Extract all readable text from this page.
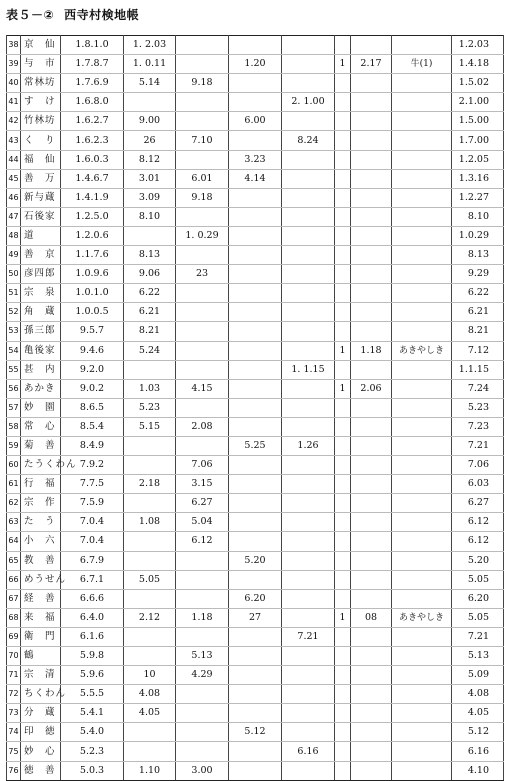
表５－② 西寺村検地帳
38	京　仙	1.8.1.0	1. 2.03							1.2.03
39	与　市	1.7.8.7	1. 0.11		1.20		1	2.17	牛(1)	1.4.18
40	常林坊	1.7.6.9	5.14	9.18						1.5.02
41	す　け	1.6.8.0				2. 1.00				2.1.00
42	竹林坊	1.6.2.7	9.00		6.00					1.5.00
43	く　り	1.6.2.3	26	7.10		8.24				1.7.00
44	福　仙	1.6.0.3	8.12		3.23					1.2.05
45	善　万	1.4.6.7	3.01	6.01	4.14					1.3.16
46	新与蔵	1.4.1.9	3.09	9.18						1.2.27
47	石後家	1.2.5.0	8.10							8.10
48	道	1.2.0.6		1. 0.29						1.0.29
49	善　京	1.1.7.6	8.13							8.13
50	彦四郎	1.0.9.6	9.06	23						9.29
51	宗　泉	1.0.1.0	6.22							6.22
52	角　蔵	1.0.0.5	6.21							6.21
53	孫三郎	9.5.7	8.21							8.21
54	亀後家	9.4.6	5.24				1	1.18	あきやしき	7.12
55	甚　内	9.2.0				1. 1.15				1.1.15
56	あかき	9.0.2	1.03	4.15			1	2.06		7.24
57	妙　園	8.6.5	5.23							5.23
58	常　心	8.5.4	5.15	2.08						7.23
59	菊　善	8.4.9			5.25	1.26				7.21
60	たうくわん	7.9.2		7.06						7.06
61	行　福	7.7.5	2.18	3.15						6.03
62	宗　作	7.5.9		6.27						6.27
63	た　う	7.0.4	1.08	5.04						6.12
64	小　六	7.0.4		6.12						6.12
65	教　善	6.7.9			5.20					5.20
66	めうせん	6.7.1	5.05							5.05
67	経　善	6.6.6			6.20					6.20
68	来　福	6.4.0	2.12	1.18	27		1	08	あきやしき	5.05
69	衛　門	6.1.6				7.21				7.21
70	鶴	5.9.8		5.13						5.13
71	宗　清	5.9.6	10	4.29						5.09
72	ちくわん	5.5.5	4.08							4.08
73	分　蔵	5.4.1	4.05							4.05
74	印　徳	5.4.0			5.12					5.12
75	妙　心	5.2.3				6.16				6.16
76	徳　善	5.0.3	1.10	3.00						4.10
